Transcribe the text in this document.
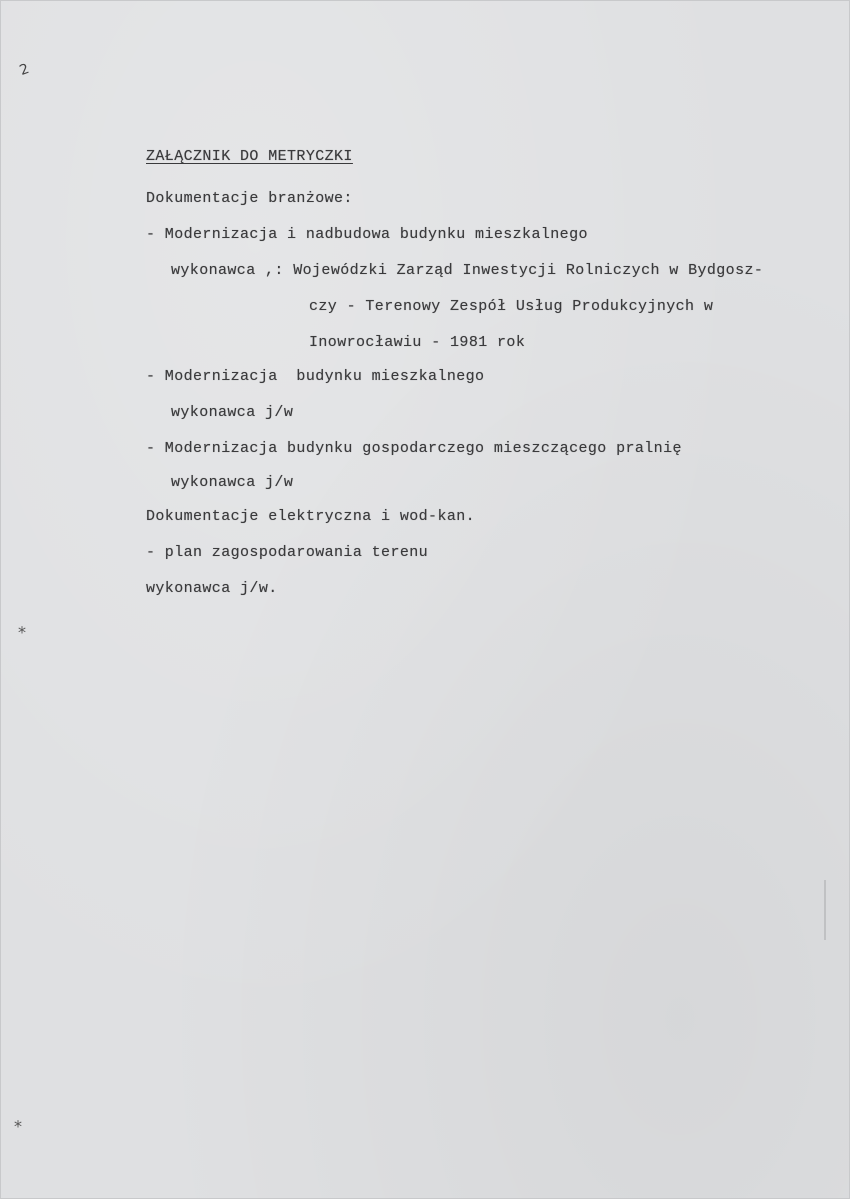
⁎
⁎
2
ZAŁĄCZNIK DO METRYCZKI
Dokumentacje branżowe:
- Modernizacja i nadbudowa budynku mieszkalnego
wykonawca ,: Wojewódzki Zarząd Inwestycji Rolniczych w Bydgosz-
czy - Terenowy Zespół Usług Produkcyjnych w
Inowrocławiu - 1981 rok
- Modernizacja  budynku mieszkalnego
wykonawca j/w
- Modernizacja budynku gospodarczego mieszczącego pralnię
wykonawca j/w
Dokumentacje elektryczna i wod-kan.
- plan zagospodarowania terenu
wykonawca j/w.
